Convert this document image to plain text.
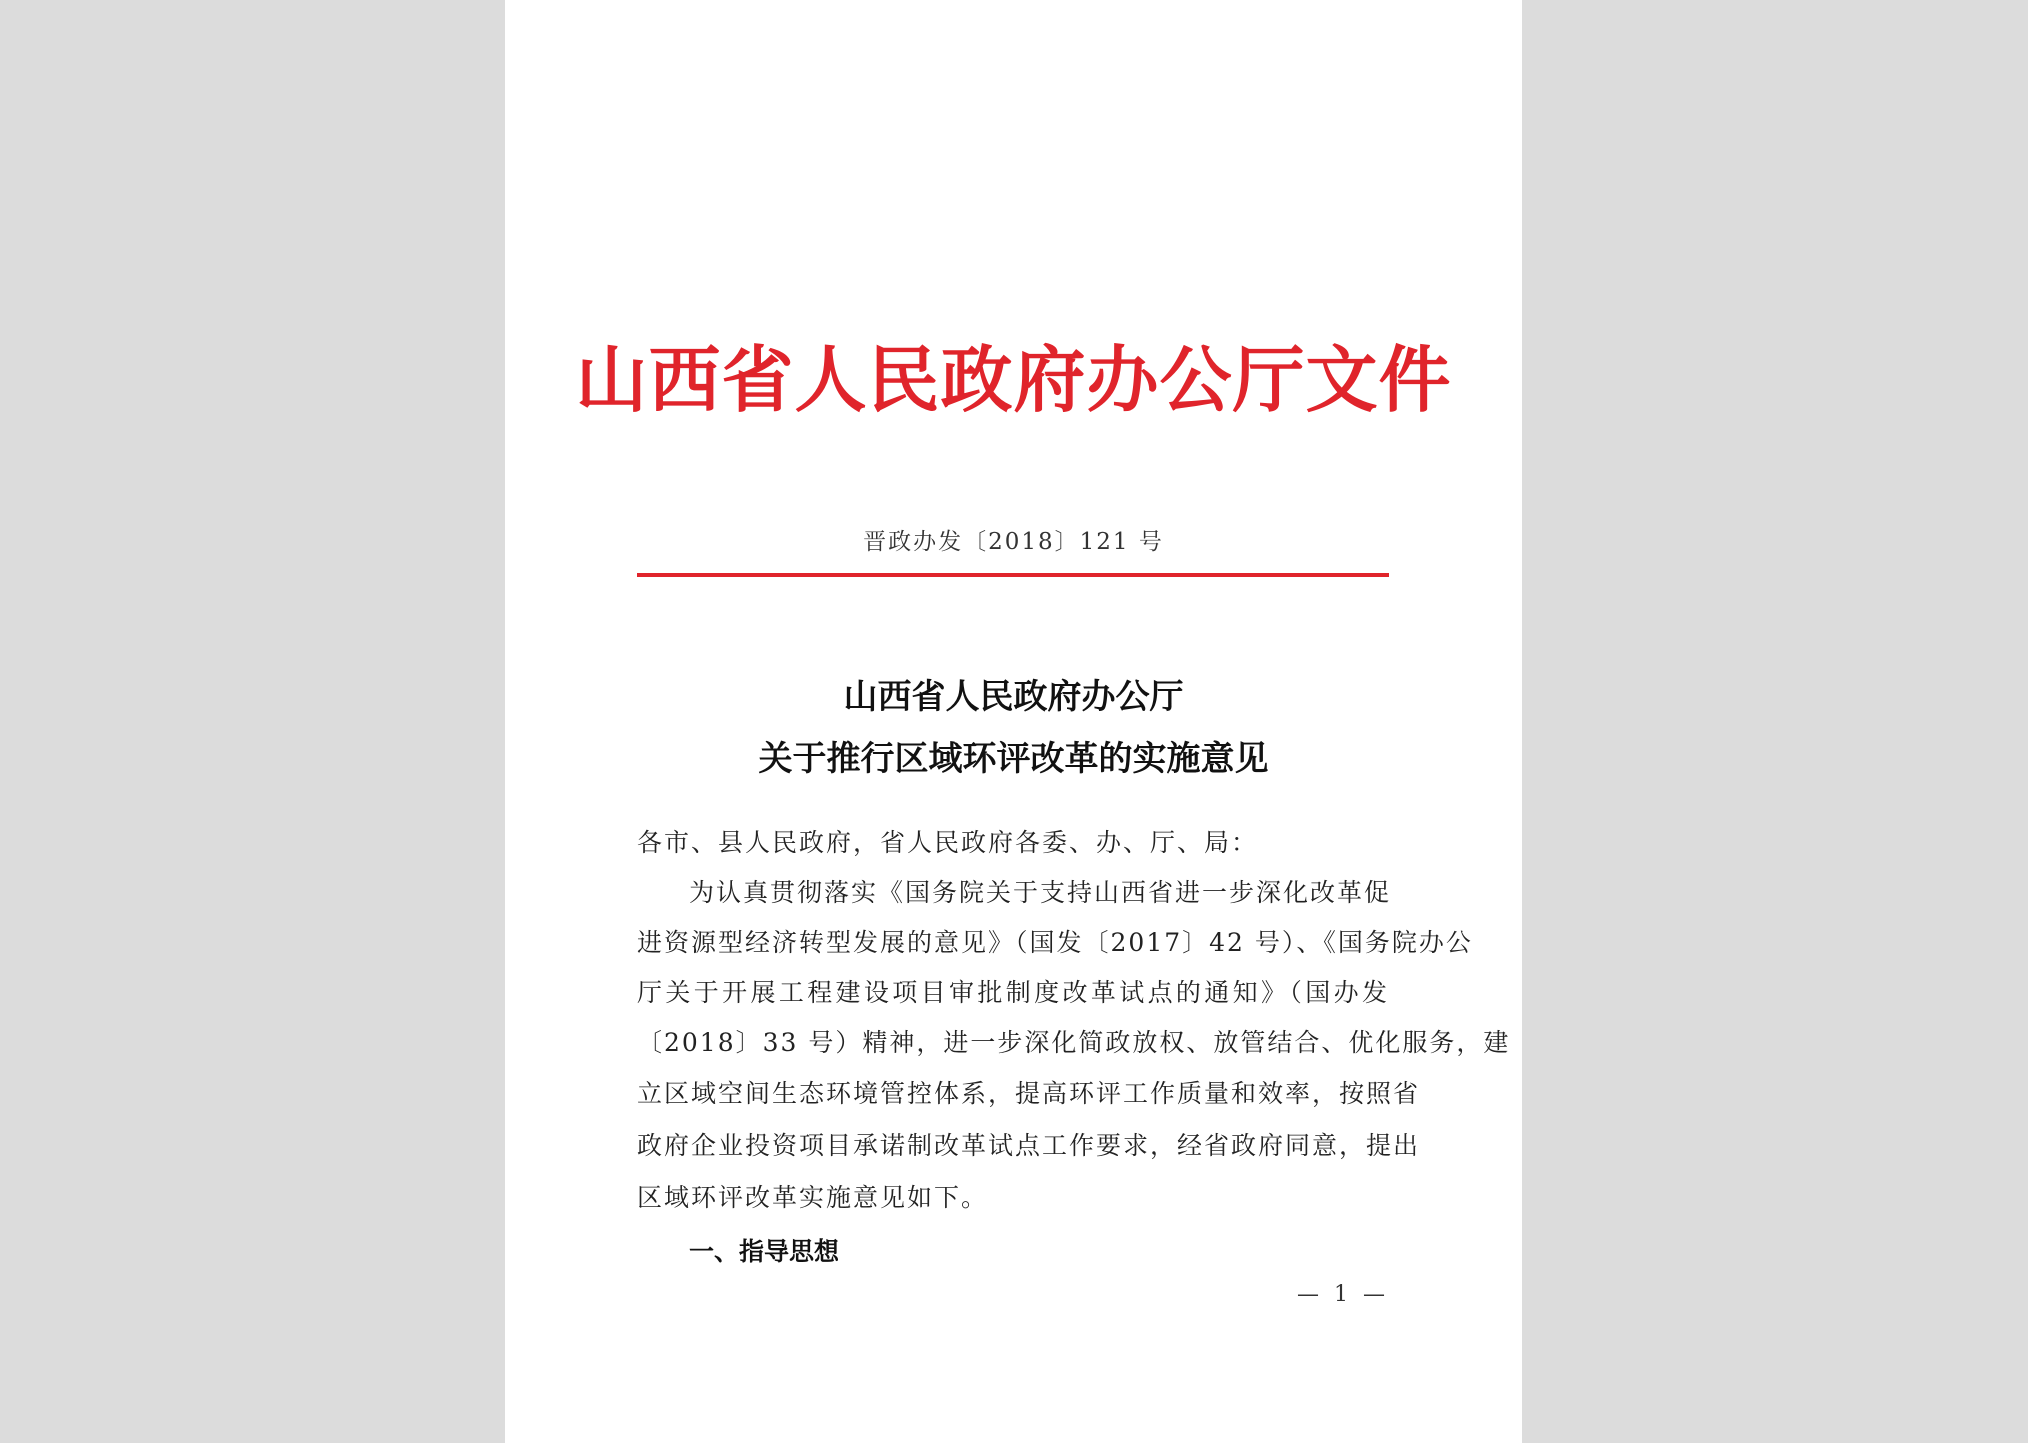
山西省人民政府办公厅文件
晋政办发〔2018〕121 号
山西省人民政府办公厅
关于推行区域环评改革的实施意见
各市、县人民政府，省人民政府各委、办、厅、局：
为认真贯彻落实《国务院关于支持山西省进一步深化改革促
进资源型经济转型发展的意见》（国发〔2017〕42 号）、《国务院办公
厅关于开展工程建设项目审批制度改革试点的通知》（国办发
〔2018〕33 号）精神，进一步深化简政放权、放管结合、优化服务，建
立区域空间生态环境管控体系，提高环评工作质量和效率，按照省
政府企业投资项目承诺制改革试点工作要求，经省政府同意，提出
区域环评改革实施意见如下。
一、指导思想
— 1 —
